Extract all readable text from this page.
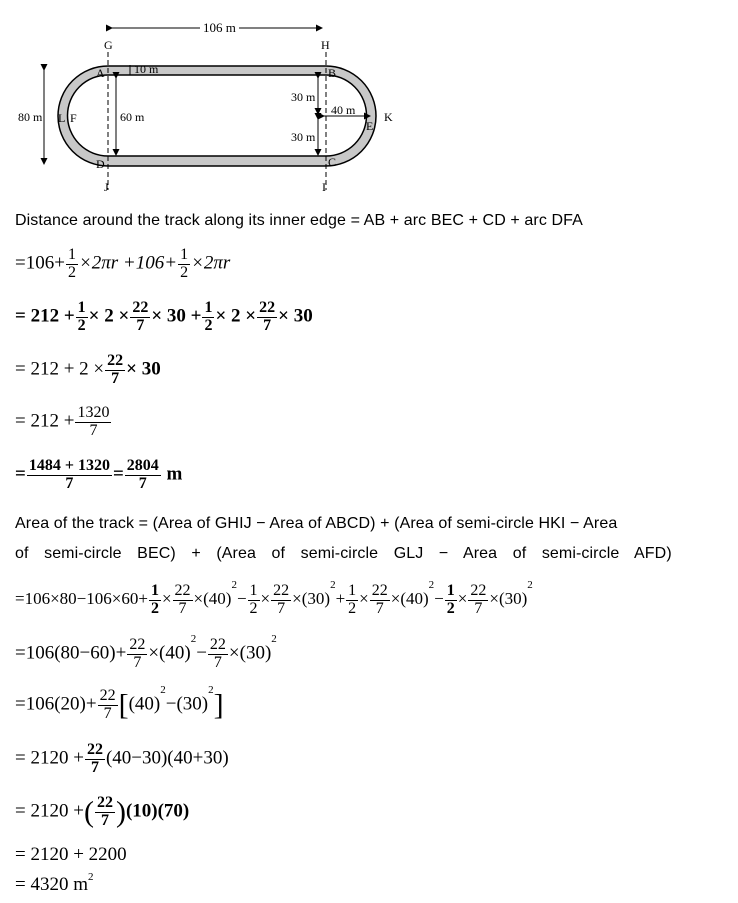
106 m
G	H
A	B
D	C
10 m
80 m L F	60 m
30 m
30 m
40 m
E
K
I
J
Distance around the track along its inner edge = AB + arc BEC + CD + arc DFA
$=106+ \frac{1}{2} \times 2\pi r +106+ \frac{1}{2} \times 2\pi r$
= $212 + \frac{1}{2} \times 2 \times \frac{22}{7} \times 30 + \frac{1}{2} \times 2 \times \frac{22}{7} \times 30$
= $212 + 2 \times \frac{22}{7} \times 30$
= $212 + \frac{1320}{7}$
= $\frac{1484 + 1320}{7} = \frac{2804}{7}$ m
Area of the track = (Area of GHIJ − Area of ABCD) + (Area of semi-circle HKI − Area
of semi-circle BEC) + (Area of semi-circle GLJ − Area of semi-circle AFD)
$=106\times 80-106\times 60+ \frac{1}{2} \times \frac{22}{7} \times(40)^2- \frac{1}{2} \times \frac{22}{7} \times(30)^2+ \frac{1}{2} \times \frac{22}{7} \times(40)^2- \frac{1}{2} \times \frac{22}{7} \times(30)^2$
$=106(80-60)+ \frac{22}{7} \times(40)^2- \frac{22}{7} \times(30)^2$
$=106(20)+ \frac{22}{7} [(40)^2-(30)^2]$
= $2120 + \frac{22}{7} (40-30)(40+30)$
= 2120 +( $\frac{22}{7} )(10)(70)$
= 2120 + 2200
= 4320 $m^2$
